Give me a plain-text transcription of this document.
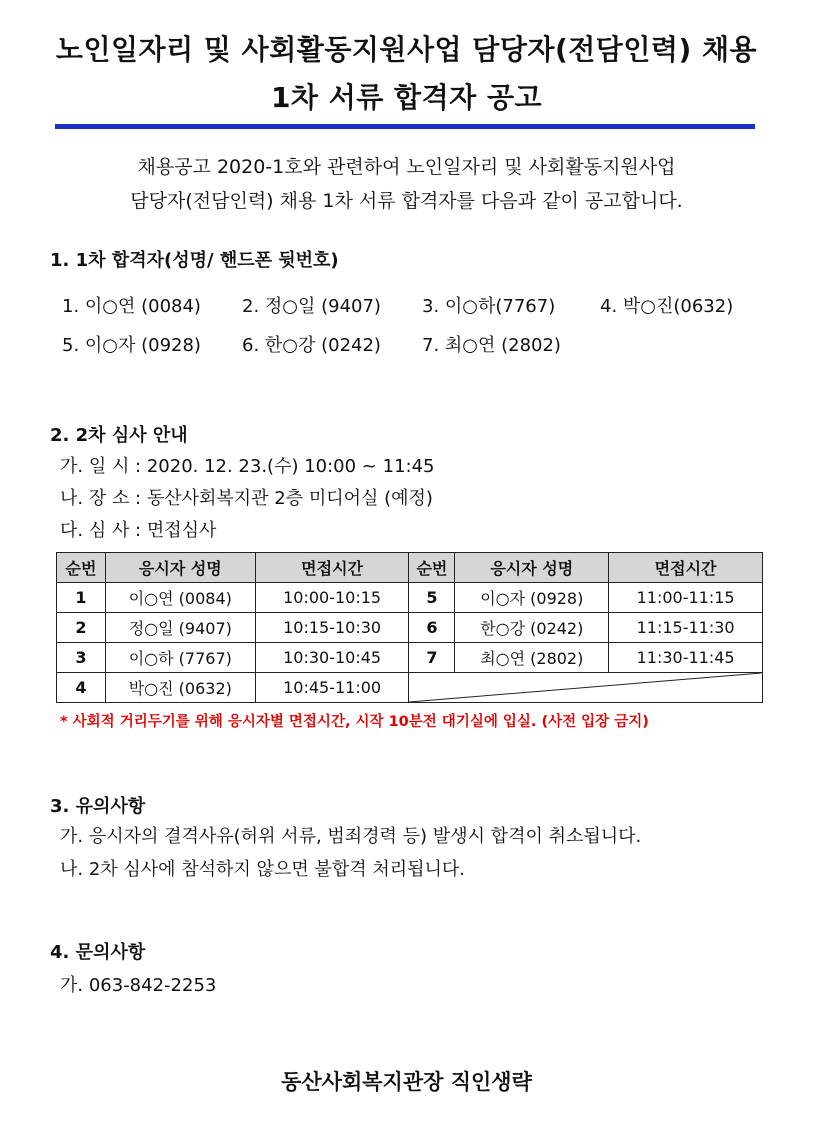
노인일자리 및 사회활동지원사업 담당자(전담인력) 채용
1차 서류 합격자 공고
채용공고 2020-1호와 관련하여 노인일자리 및 사회활동지원사업
담당자(전담인력) 채용 1차 서류 합격자를 다음과 같이 공고합니다.
1. 1차 합격자(성명/ 핸드폰 뒷번호)
1. 이○연 (0084) 2. 정○일 (9407) 3. 이○하(7767) 4. 박○진(0632)
5. 이○자 (0928) 6. 한○강 (0242) 7. 최○연 (2802)
2. 2차 심사 안내
가. 일 시 : 2020. 12. 23.(수) 10:00 ~ 11:45
나. 장 소 : 동산사회복지관 2층 미디어실 (예정)
다. 심 사 : 면접심사
순번	응시자 성명	면접시간	순번	응시자 성명	면접시간
1	이○연 (0084)	10:00-10:15	5	이○자 (0928)	11:00-11:15
2	정○일 (9407)	10:15-10:30	6	한○강 (0242)	11:15-11:30
3	이○하 (7767)	10:30-10:45	7	최○연 (2802)	11:30-11:45
4	박○진 (0632)	10:45-11:00	
* 사회적 거리두기를 위해 응시자별 면접시간, 시작 10분전 대기실에 입실. (사전 입장 금지)
3. 유의사항
가. 응시자의 결격사유(허위 서류, 범죄경력 등) 발생시 합격이 취소됩니다.
나. 2차 심사에 참석하지 않으면 불합격 처리됩니다.
4. 문의사항
가. 063-842-2253
동산사회복지관장 직인생략
